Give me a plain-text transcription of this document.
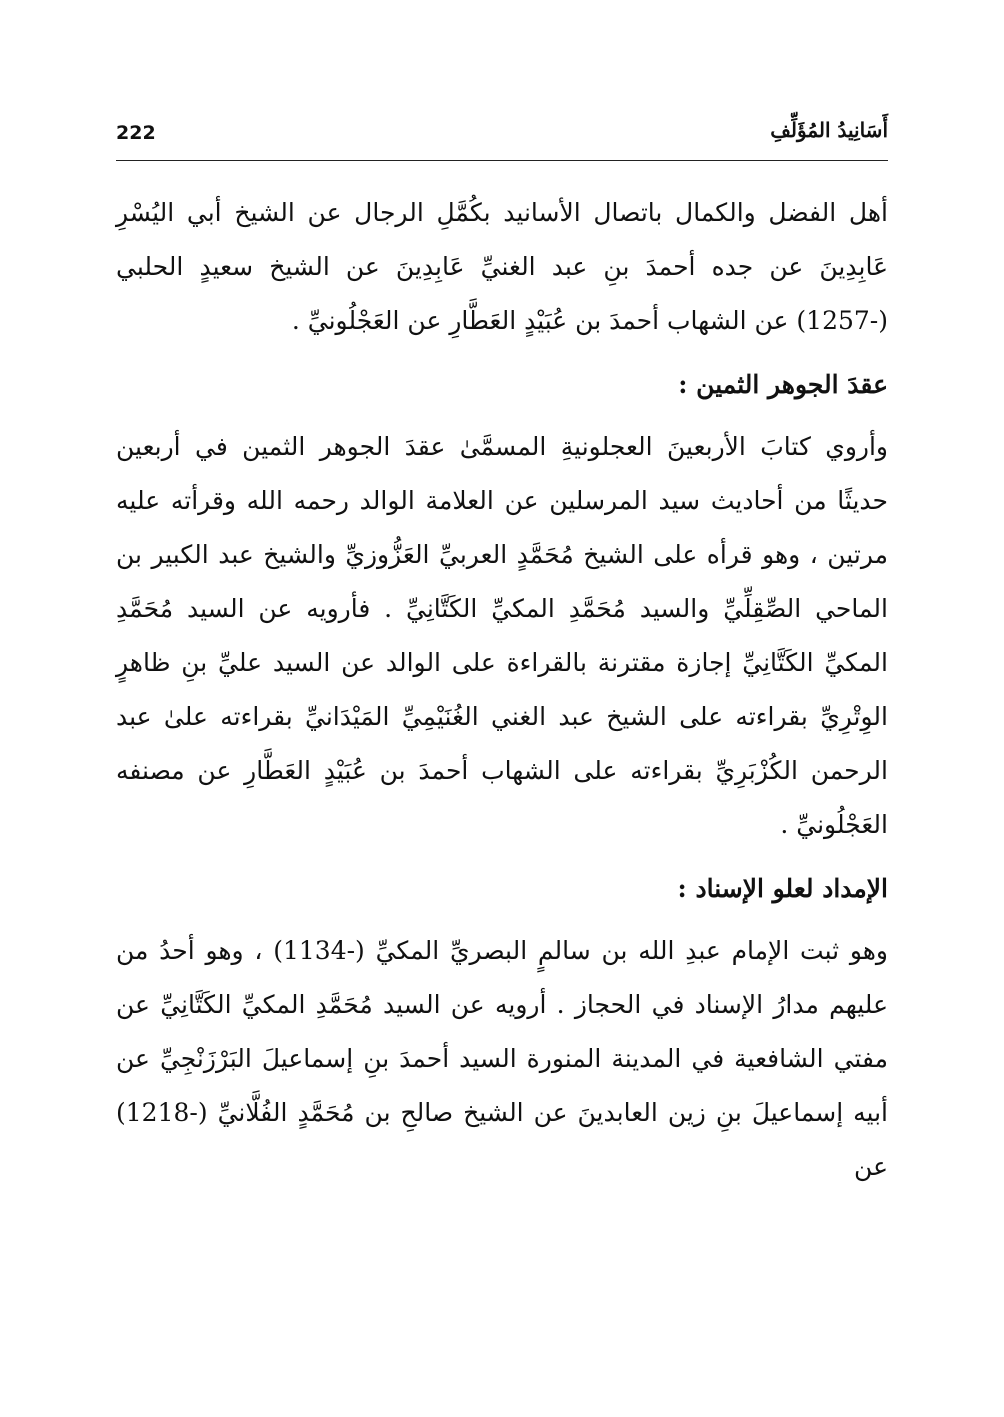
222	أَسَانِيدُ المُؤَلِّفِ

أهل الفضل والكمال باتصال الأسانيد بكُمَّلِ الرجال عن الشيخ أبي اليُسْرِ عَابِدِينَ عن جده أحمدَ بنِ عبد الغنيِّ عَابِدِينَ عن الشيخ سعيدٍ الحلبي (-1257) عن الشهاب أحمدَ بن عُبَيْدٍ العَطَّارِ عن العَجْلُونيِّ .

عقدَ الجوهر الثمين :

وأروي كتابَ الأربعينَ العجلونيةِ المسمَّىٰ عقدَ الجوهر الثمين في أربعين حديثًا من أحاديث سيد المرسلين عن العلامة الوالد رحمه الله وقرأته عليه مرتين ، وهو قرأه على الشيخ مُحَمَّدٍ العربيِّ العَزُّوزيِّ والشيخ عبد الكبير بن الماحي الصِّقِلِّيِّ والسيد مُحَمَّدِ المكيِّ الكَتَّانِيِّ . فأرويه عن السيد مُحَمَّدِ المكيِّ الكَتَّانِيِّ إجازة مقترنة بالقراءة على الوالد عن السيد عليِّ بنِ ظاهرٍ الوِتْرِيِّ بقراءته على الشيخ عبد الغني الغُنَيْمِيِّ المَيْدَانيِّ بقراءته علىٰ عبد الرحمن الكُزْبَرِيِّ بقراءته على الشهاب أحمدَ بن عُبَيْدٍ العَطَّارِ عن مصنفه العَجْلُونيِّ .

الإمداد لعلو الإسناد :

وهو ثبت الإمام عبدِ الله بن سالمٍ البصريِّ المكيِّ (-1134) ، وهو أحدُ من عليهم مدارُ الإسناد في الحجاز . أرويه عن السيد مُحَمَّدِ المكيِّ الكَتَّانِيِّ عن مفتي الشافعية في المدينة المنورة السيد أحمدَ بنِ إسماعيلَ البَرْزَنْجِيِّ عن أبيه إسماعيلَ بنِ زين العابدينَ عن الشيخ صالحِ بن مُحَمَّدٍ الفُلَّانيِّ (-1218) عن
